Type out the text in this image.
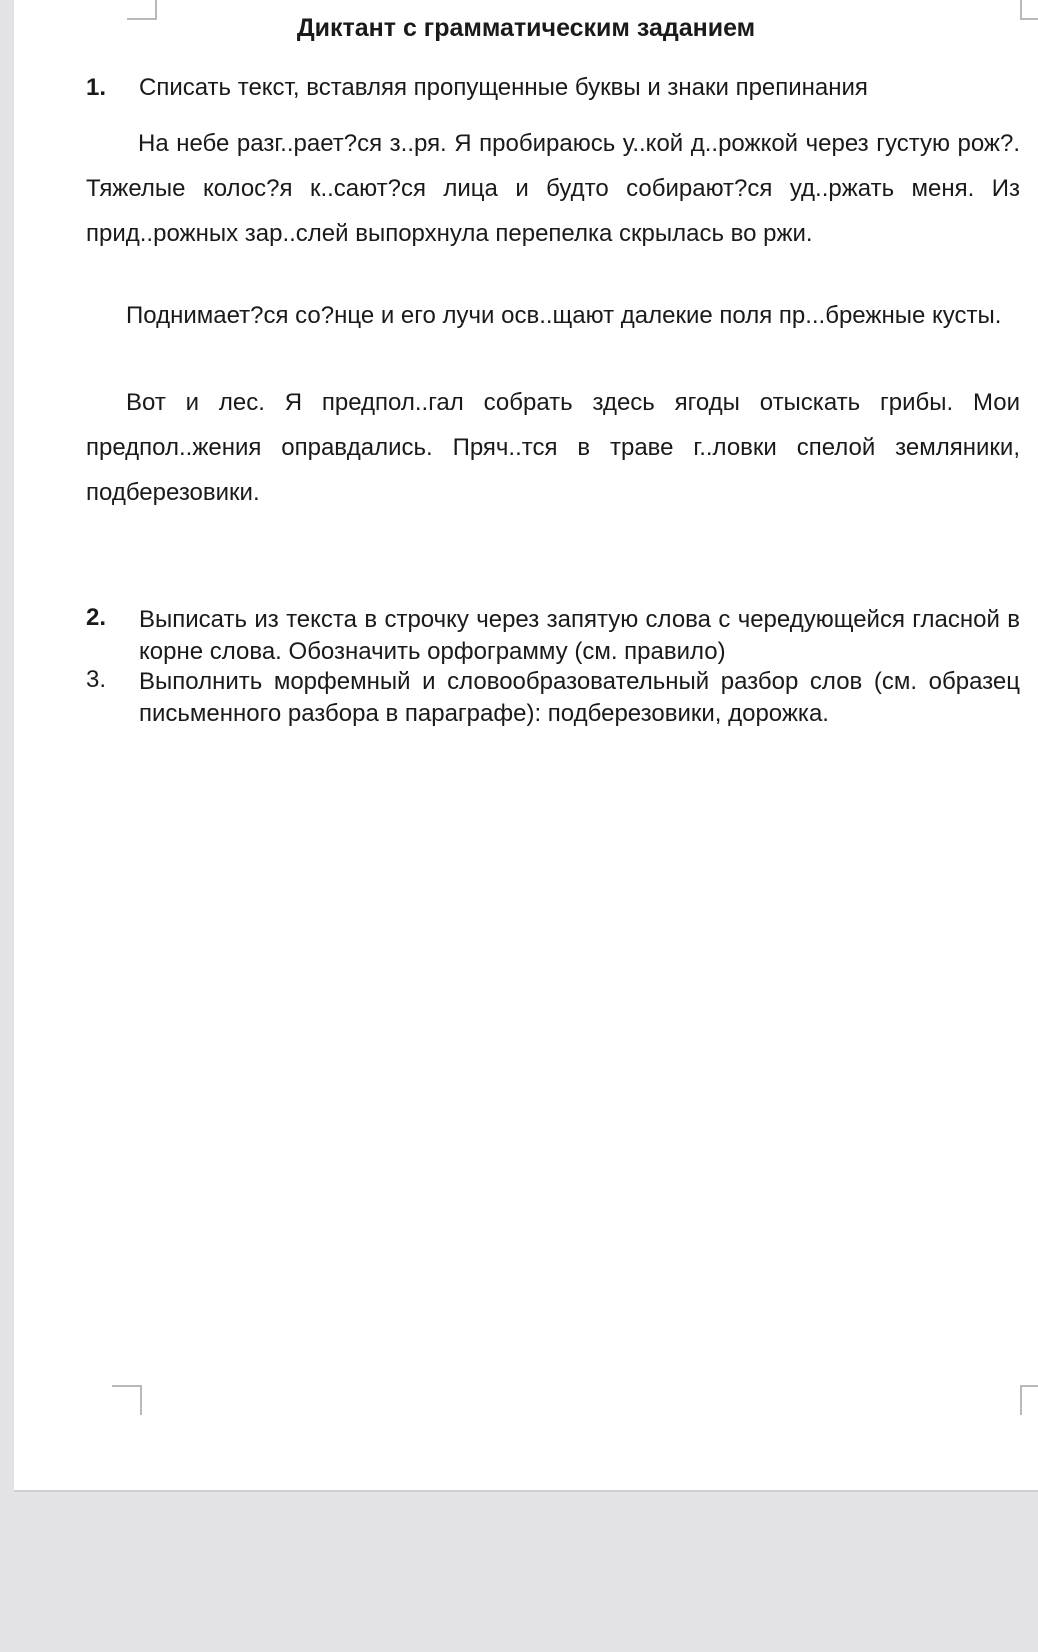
Диктант с грамматическим заданием
1. Списать текст, вставляя пропущенные буквы и знаки препинания

На небе разг..рает?ся з..ря. Я пробираюсь у..кой д..рожкой через густую рож?. Тяжелые колос?я к..сают?ся лица и будто собирают?ся уд..ржать меня. Из прид..рожных зар..слей выпорхнула перепелка скрылась во ржи.

Поднимает?ся со?нце и его лучи осв..щают далекие поля пр...брежные кусты.

Вот и лес. Я предпол..гал собрать здесь ягоды отыскать грибы. Мои предпол..жения оправдались. Пряч..тся в траве г..ловки спелой земляники, подберезовики.

2. Выписать из текста в строчку через запятую слова с чередующейся гласной в корне слова. Обозначить орфограмму (см. правило)
3. Выполнить морфемный и словообразовательный разбор слов (см. образец письменного разбора в параграфе): подберезовики, дорожка.
